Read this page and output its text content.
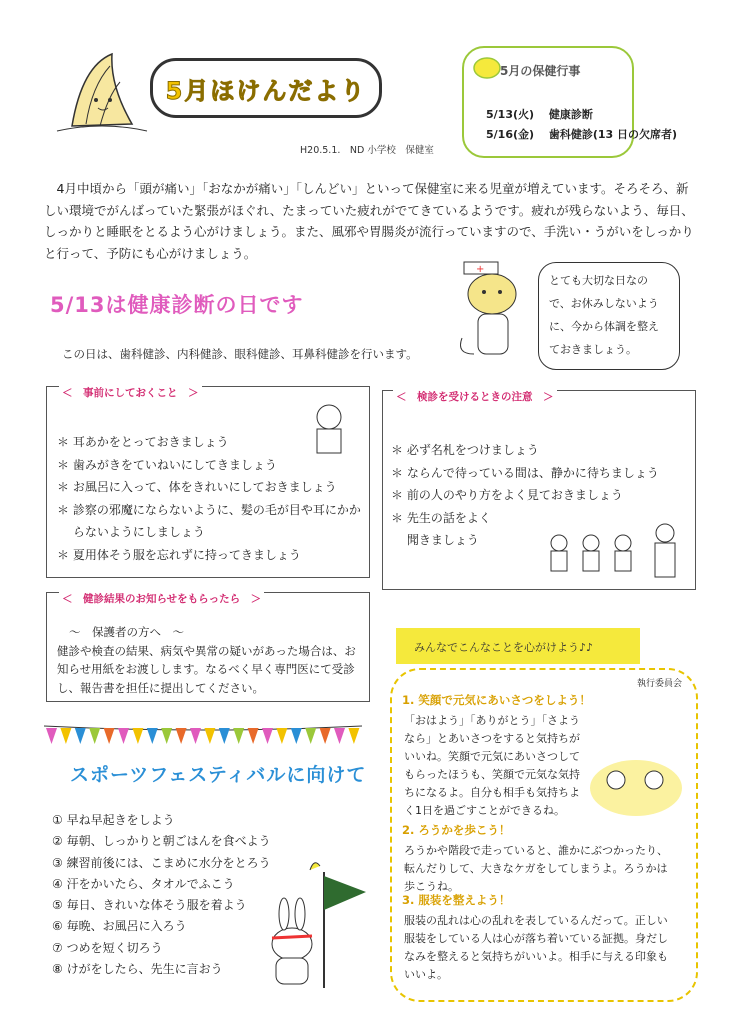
5月ほけんだより
H20.5.1.　ND 小学校　保健室
5月の保健行事
5/13(火)　 健康診断
5/16(金)　 歯科健診(13 日の欠席者)
　4月中頃から「頭が痛い」「おなかが痛い」「しんどい」といって保健室に来る児童が増えています。そろそろ、新しい環境でがんばっていた緊張がほぐれ、たまっていた疲れがでてきているようです。疲れが残らないよう、毎日、しっかりと睡眠をとるよう心がけましょう。また、風邪や胃腸炎が流行っていますので、手洗い・うがいをしっかりと行って、予防にも心がけましょう。
5/13は健康診断の日です
+
とても大切な日なので、お休みしないように、今から体調を整えておきましょう。
この日は、歯科健診、内科健診、眼科健診、耳鼻科健診を行います。
＜　事前にしておくこと　＞
＊ 耳あかをとっておきましょう
＊ 歯みがきをていねいにしてきましょう
＊ お風呂に入って、体をきれいにしておきましょう
＊ 診察の邪魔にならないように、髪の毛が目や耳にかか
　 らないようにしましょう
＊ 夏用体そう服を忘れずに持ってきましょう
＜　検診を受けるときの注意　＞
＊ 必ず名札をつけましょう
＊ ならんで待っている間は、静かに待ちましょう
＊ 前の人のやり方をよく見ておきましょう
＊ 先生の話をよく
　 聞きましょう
＜　健診結果のお知らせをもらったら　＞
～　保護者の方へ　～
健診や検査の結果、病気や異常の疑いがあった場合は、お知らせ用紙をお渡しします。なるべく早く専門医にて受診し、報告書を担任に提出してください。
みんなでこんなことを心がけよう♪♪
執行委員会
1. 笑顔で元気にあいさつをしよう！
「おはよう」「ありがとう」「さようなら」とあいさつをすると気持ちがいいね。笑顔で元気にあいさつしてもらったほうも、笑顔で元気な気持ちになるよ。自分も相手も気持ちよく1日を過ごすことができるね。
2. ろうかを歩こう！
ろうかや階段で走っていると、誰かにぶつかったり、転んだりして、大きなケガをしてしまうよ。ろうかは歩こうね。
3. 服装を整えよう！
服装の乱れは心の乱れを表しているんだって。正しい服装をしている人は心が落ち着いている証拠。身だしなみを整えると気持ちがいいよ。相手に与える印象もいいよ。
スポーツフェスティバルに向けて
① 早ね早起きをしよう
② 毎朝、しっかりと朝ごはんを食べよう
③ 練習前後には、こまめに水分をとろう
④ 汗をかいたら、タオルでふこう
⑤ 毎日、きれいな体そう服を着よう
⑥ 毎晩、お風呂に入ろう
⑦ つめを短く切ろう
⑧ けがをしたら、先生に言おう
